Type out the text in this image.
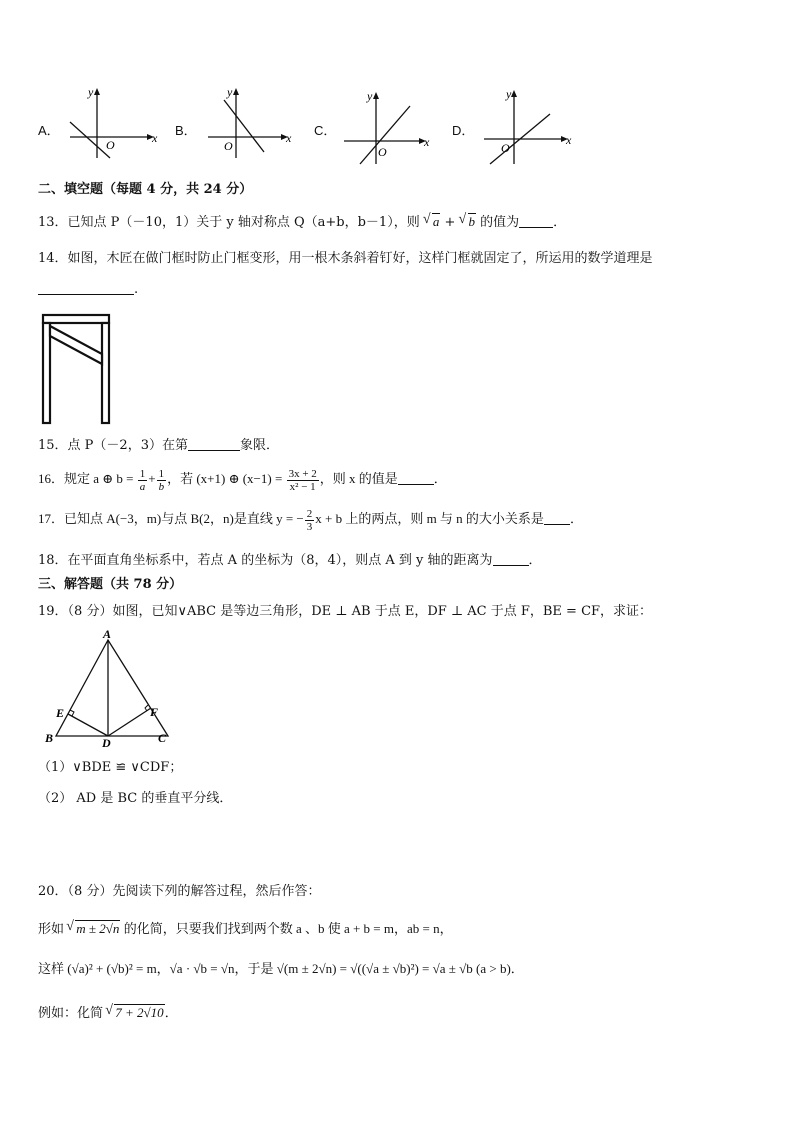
A．
y
x
O
B．
y
x
O
C．
y
x
O
D．
y
x
O
二、填空题（每题 4 分，共 24 分）
13．已知点 P（－10，1）关于 y 轴对称点 Q（a+b，b－1），则 √ a + √ b 的值为	．
14．如图，木匠在做门框时防止门框变形，用一根木条斜着钉好，这样门框就固定了，所运用的数学道理是
.
15．点 P（－2，3）在第	象限．
16．规定 a ⊕ $b = \frac{1}{a} + \frac{1}{b}$ ，若 (x+1) ⊕ $(x-1) = \frac{3x + 2}{\text{x² − 1}}$ ，则 x 的值是	．
17．已知点 A(−3，m)与点 B(2，n)是直线 y = − $\frac{2}{3}$ x + b 上的两点，则 m 与 n 的大小关系是 ．
18．在平面直角坐标系中，若点 A 的坐标为（8，4），则点 A 到 y 轴的距离为	．
三、解答题（共 78 分）
19．（8 分）如图，已知∨ABC 是等边三角形，DE ⊥ AB 于点 E，DF ⊥ AC 于点 F，BE = CF，求证：
A
B	C
D
E	F
（1）∨BDE ≌ ∨CDF；
（2） AD 是 BC 的垂直平分线．
20．（8 分）先阅读下列的解答过程，然后作答：
形如 √ m ± 2√n 的化简，只要我们找到两个数 a 、b 使 a + b = m，ab = n，
这样 (√a)² + (√b)² = m，√a · √b = √n，于是 √(m ± 2√n) = √((√a ± √b)²) = √a ± √b (a > b)．
例如：化简 √ 7 + 2√10．
